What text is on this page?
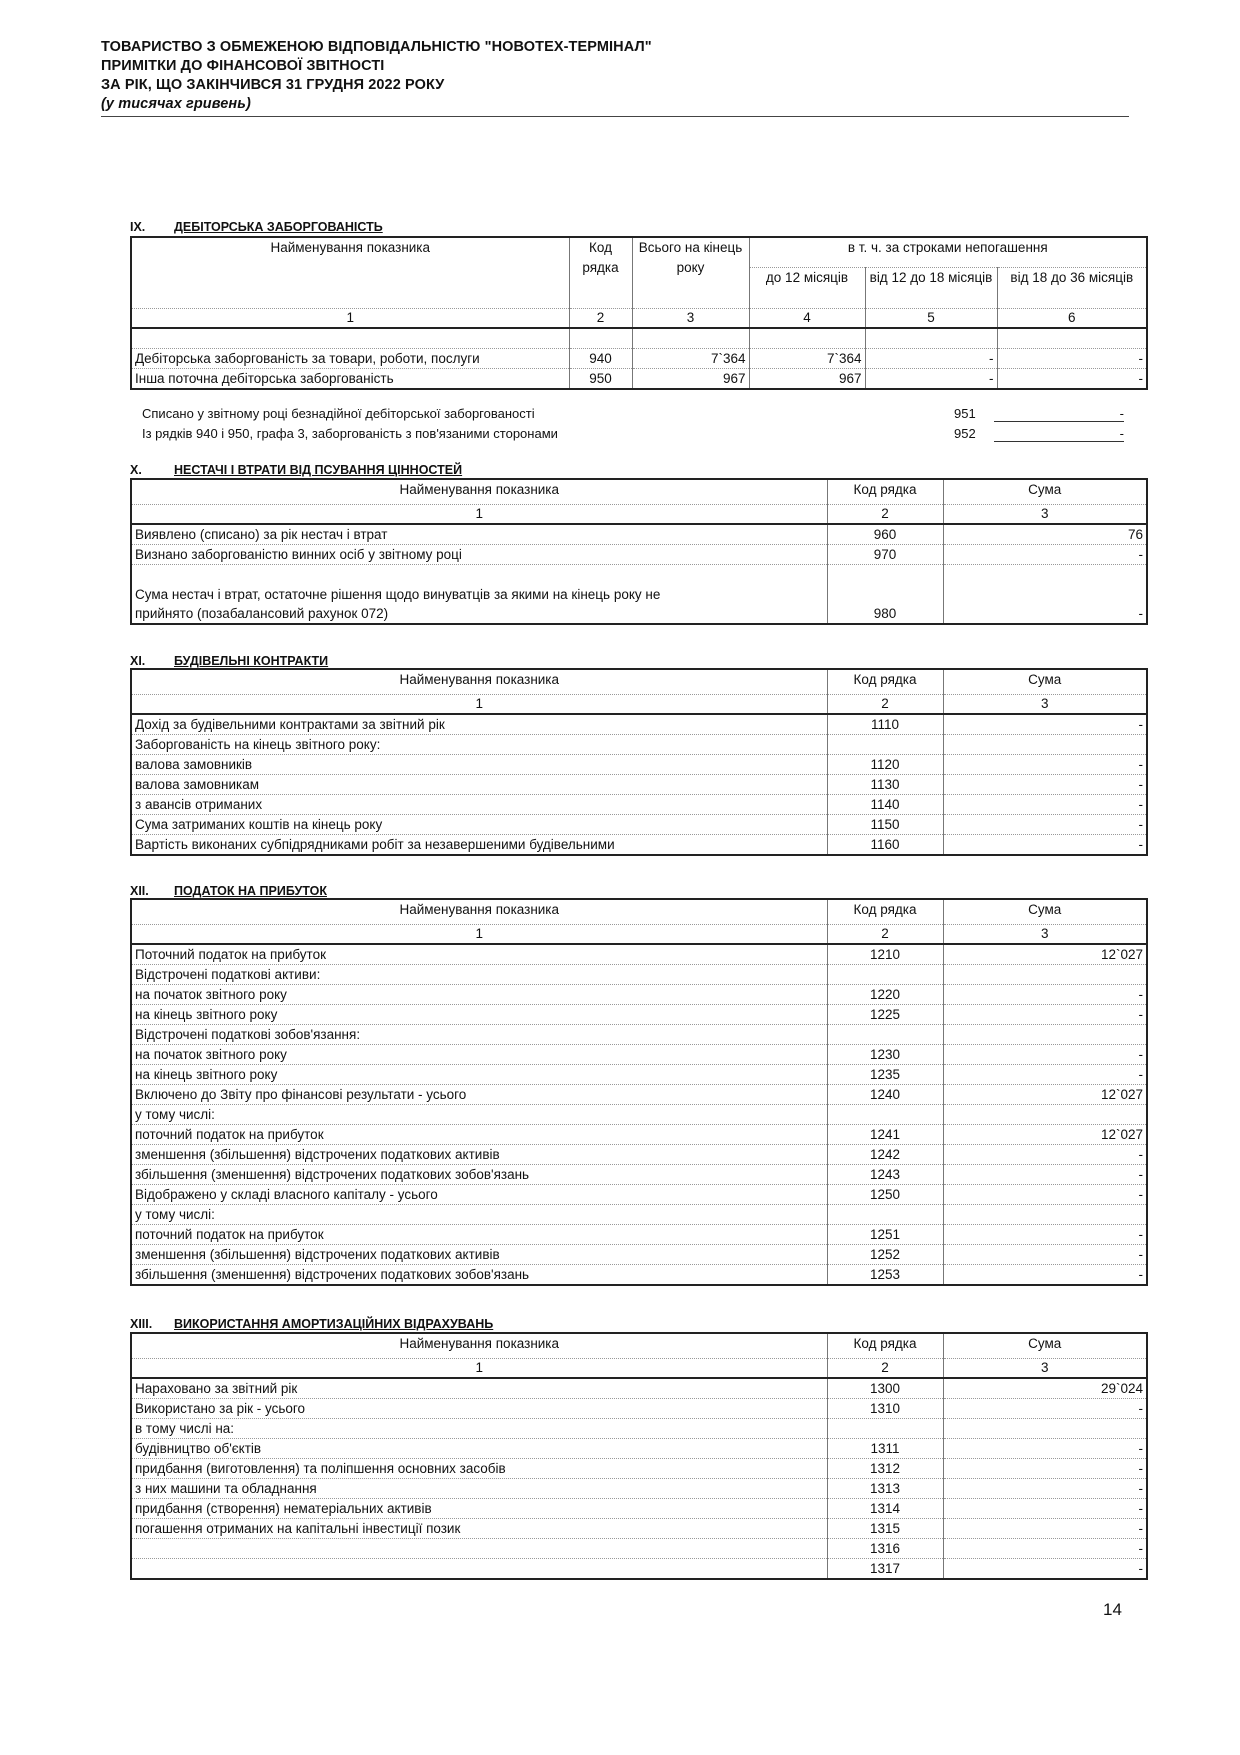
ТОВАРИСТВО З ОБМЕЖЕНОЮ ВІДПОВІДАЛЬНІСТЮ "НОВОТЕХ-ТЕРМІНАЛ"
ПРИМІТКИ ДО ФІНАНСОВОЇ ЗВІТНОСТІ
ЗА РІК, ЩО ЗАКІНЧИВСЯ 31 ГРУДНЯ 2022 РОКУ
(у тисячах гривень)
IX. ДЕБІТОРСЬКА ЗАБОРГОВАНІСТЬ
Найменування показника	Код рядка	Всього на кінець року	в т. ч. за строками непогашення		
			до 12 місяців	від 12 до 18 місяців	від 18 до 36 місяців
1	2	3	4	5	6

Дебіторська заборгованість за товари, роботи, послуги	940	7`364	7`364	-	-
Інша поточна дебіторська заборгованість	950	967	967	-	-
Списано у звітному році безнадійної дебіторської заборгованості	951	-
Із рядків 940 і 950, графа 3, заборгованість з пов'язаними сторонами	952	-
X.	НЕСТАЧІ І ВТРАТИ ВІД ПСУВАННЯ ЦІННОСТЕЙ
Найменування показника	Код рядка	Сума
1	2	3
Виявлено (списано) за рік нестач і втрат	960	76
Визнано заборгованістю винних осіб у звітному році	970	-
Сума нестач і втрат, остаточне рішення щодо винуватців за якими на кінець року не прийнято (позабалансовий рахунок 072)	980	-
XI. БУДІВЕЛЬНІ КОНТРАКТИ
Найменування показника	Код рядка	Сума
1	2	3
Дохід за будівельними контрактами за звітний рік	1110	-
Заборгованість на кінець звітного року:		
валова замовників	1120	-
валова замовникам	1130	-
з авансів отриманих	1140	-
Сума затриманих коштів на кінець року	1150	-
Вартість виконаних субпідрядниками робіт за незавершеними будівельними	1160	-
XII. ПОДАТОК НА ПРИБУТОК
Найменування показника	Код рядка	Сума
1	2	3
Поточний податок на прибуток	1210	12`027
Відстрочені податкові активи:		
на початок звітного року	1220	-
на кінець звітного року	1225	-
Відстрочені податкові зобов'язання:		
на початок звітного року	1230	-
на кінець звітного року	1235	-
Включено до Звіту про фінансові результати - усього	1240	12`027
у тому числі:		
поточний податок на прибуток	1241	12`027
зменшення (збільшення) відстрочених податкових активів	1242	-
збільшення (зменшення) відстрочених податкових зобов'язань	1243	-
Відображено у складі власного капіталу - усього	1250	-
у тому числі:		
поточний податок на прибуток	1251	-
зменшення (збільшення) відстрочених податкових активів	1252	-
збільшення (зменшення) відстрочених податкових зобов'язань	1253	-
XIII. ВИКОРИСТАННЯ АМОРТИЗАЦІЙНИХ ВІДРАХУВАНЬ
Найменування показника	Код рядка	Сума
1	2	3
Нараховано за звітний рік	1300	29`024
Використано за рік - усього	1310	-
в тому числі на:		
будівництво об'єктів	1311	-
придбання (виготовлення) та поліпшення основних засобів	1312	-
з них машини та обладнання	1313	-
придбання (створення) нематеріальних активів	1314	-
погашення отриманих на капітальні інвестиції позик	1315	-
	1316	-
	1317	-
14
